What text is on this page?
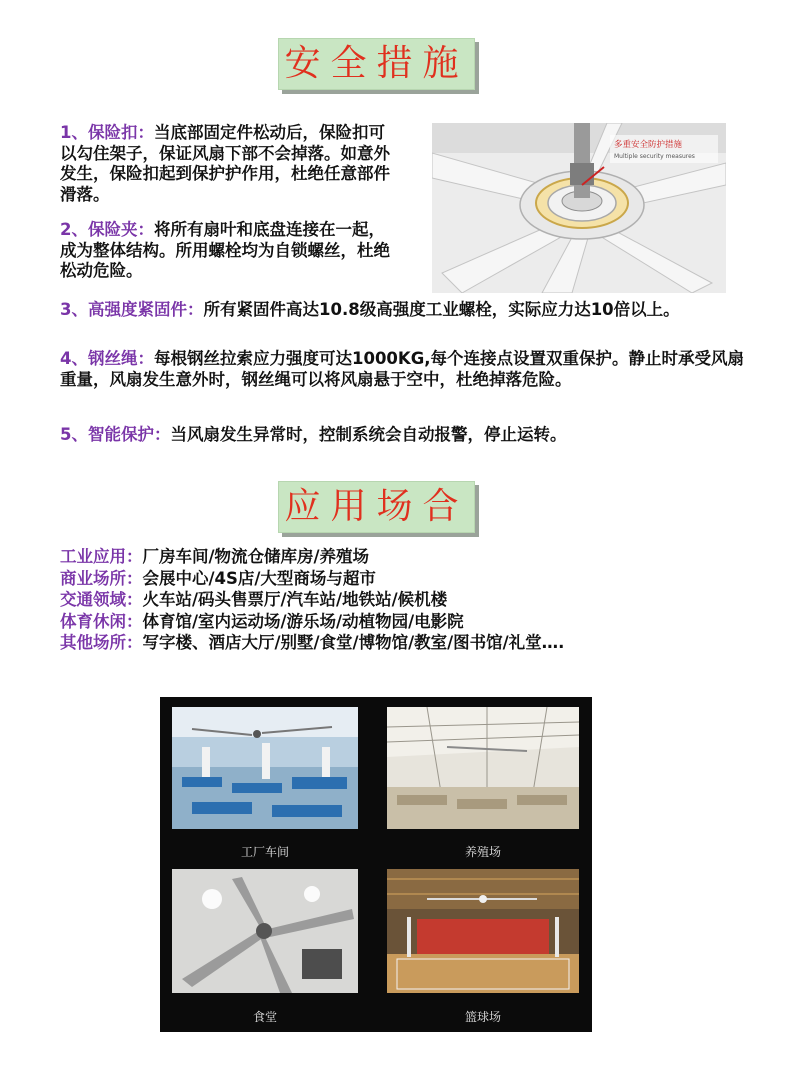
安全措施

1、保险扣：当底部固定件松动后，保险扣可以勾住架子，保证风扇下部不会掉落。如意外发生，保险扣起到保护护作用，杜绝任意部件滑落。

2、保险夹：将所有扇叶和底盘连接在一起，成为整体结构。所用螺栓均为自锁螺丝，杜绝松动危险。

3、高强度紧固件：所有紧固件高达10.8级高强度工业螺栓，实际应力达10倍以上。

4、钢丝绳：每根钢丝拉索应力强度可达1000KG,每个连接点设置双重保护。静止时承受风扇重量，风扇发生意外时，钢丝绳可以将风扇悬于空中，杜绝掉落危险。

5、智能保护：当风扇发生异常时，控制系统会自动报警，停止运转。

多重安全防护措施
Multiple security measures
应用场合
工业应用：厂房车间/物流仓储库房/养殖场
商业场所：会展中心/4S店/大型商场与超市
交通领域：火车站/码头售票厅/汽车站/地铁站/候机楼
体育休闲：体育馆/室内运动场/游乐场/动植物园/电影院
其他场所：写字楼、酒店大厅/别墅/食堂/博物馆/教室/图书馆/礼堂….
工厂车间	养殖场
食堂	篮球场
